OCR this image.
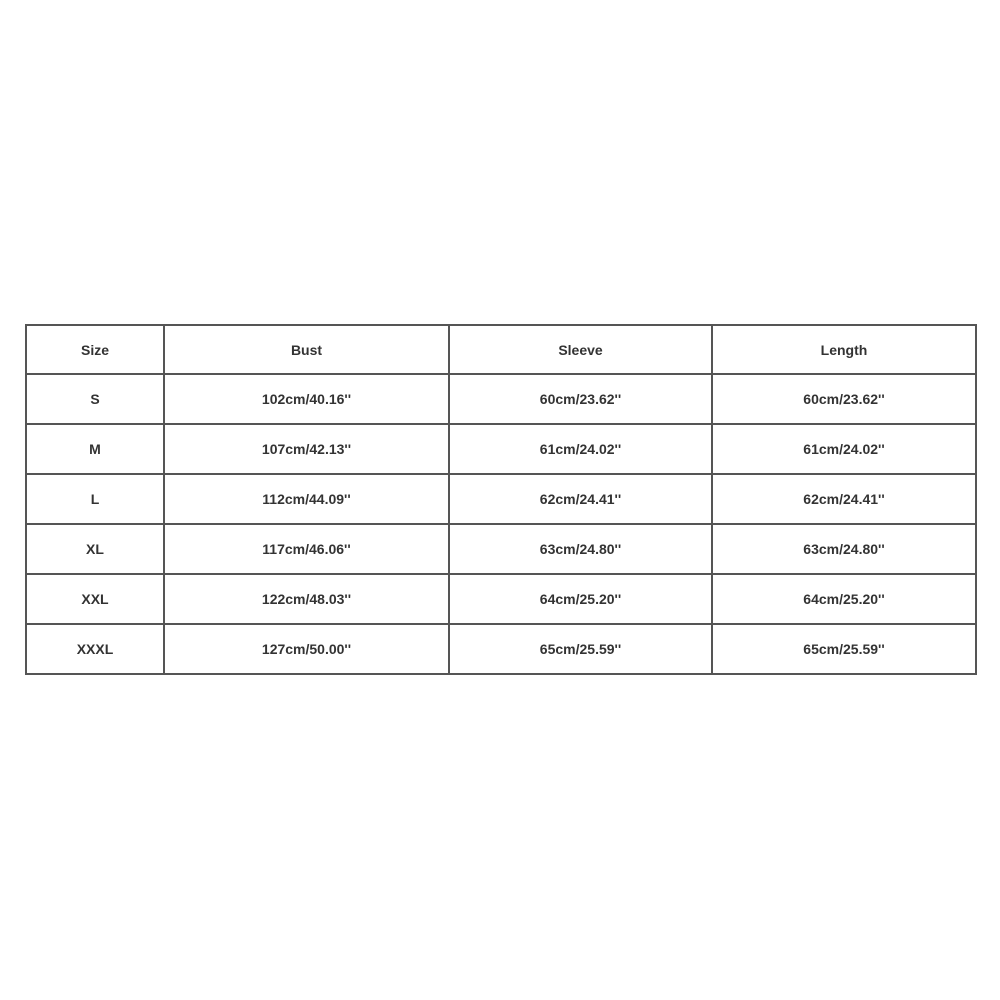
Size	Bust	Sleeve	Length
S	102cm/40.16''	60cm/23.62''	60cm/23.62''
M	107cm/42.13''	61cm/24.02''	61cm/24.02''
L	112cm/44.09''	62cm/24.41''	62cm/24.41''
XL	117cm/46.06''	63cm/24.80''	63cm/24.80''
XXL	122cm/48.03''	64cm/25.20''	64cm/25.20''
XXXL	127cm/50.00''	65cm/25.59''	65cm/25.59''
